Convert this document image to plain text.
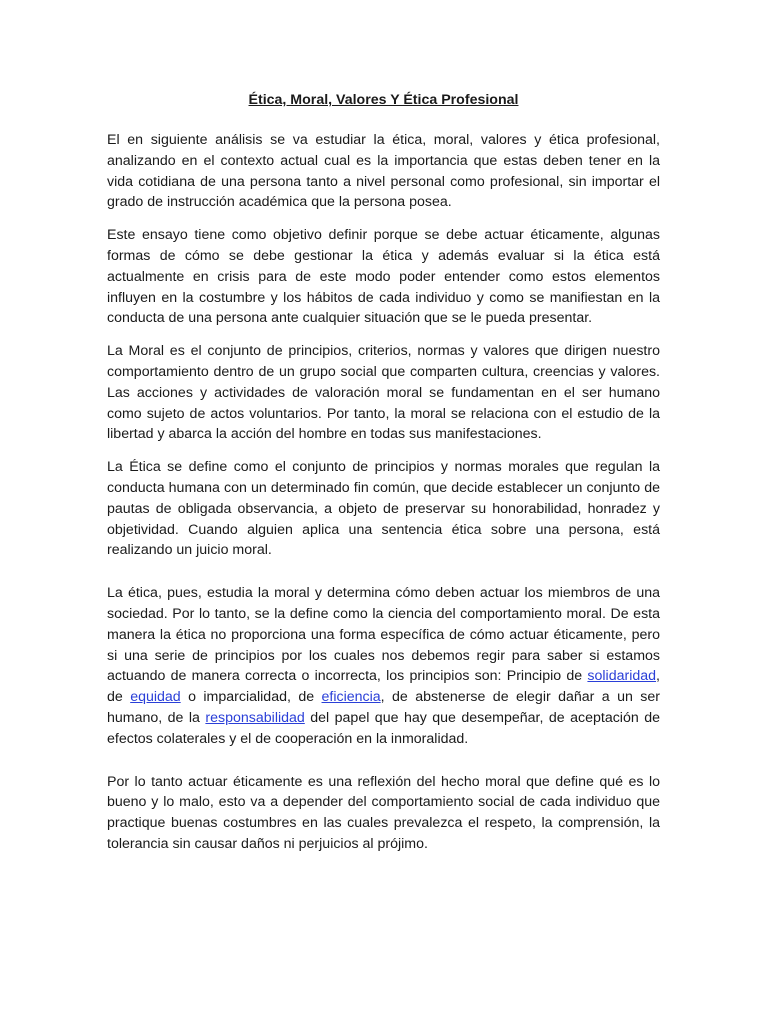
Ética, Moral, Valores Y Ética Profesional

El en siguiente análisis se va estudiar la ética, moral, valores y ética profesional, analizando en el contexto actual cual es la importancia que estas deben tener en la vida cotidiana de una persona tanto a nivel personal como profesional, sin importar el grado de instrucción académica que la persona posea.

Este ensayo tiene como objetivo definir porque se debe actuar éticamente, algunas formas de cómo se debe gestionar la ética y además evaluar si la ética está actualmente en crisis para de este modo poder entender como estos elementos influyen en la costumbre y los hábitos de cada individuo y como se manifiestan en la conducta de una persona ante cualquier situación que se le pueda presentar.

La Moral es el conjunto de principios, criterios, normas y valores que dirigen nuestro comportamiento dentro de un grupo social que comparten cultura, creencias y valores. Las acciones y actividades de valoración moral se fundamentan en el ser humano como sujeto de actos voluntarios. Por tanto, la moral se relaciona con el estudio de la libertad y abarca la acción del hombre en todas sus manifestaciones.

La Ética se define como el conjunto de principios y normas morales que regulan la conducta humana con un determinado fin común, que decide establecer un conjunto de pautas de obligada observancia, a objeto de preservar su honorabilidad, honradez y objetividad. Cuando alguien aplica una sentencia ética sobre una persona, está realizando un juicio moral.

La ética, pues, estudia la moral y determina cómo deben actuar los miembros de una sociedad. Por lo tanto, se la define como la ciencia del comportamiento moral. De esta manera la ética no proporciona una forma específica de cómo actuar éticamente, pero si una serie de principios por los cuales nos debemos regir para saber si estamos actuando de manera correcta o incorrecta, los principios son: Principio de solidaridad, de equidad o imparcialidad, de eficiencia, de abstenerse de elegir dañar a un ser humano, de la responsabilidad del papel que hay que desempeñar, de aceptación de efectos colaterales y el de cooperación en la inmoralidad.

Por lo tanto actuar éticamente es una reflexión del hecho moral que define qué es lo bueno y lo malo, esto va a depender del comportamiento social de cada individuo que practique buenas costumbres en las cuales prevalezca el respeto, la comprensión, la tolerancia sin causar daños ni perjuicios al prójimo.
